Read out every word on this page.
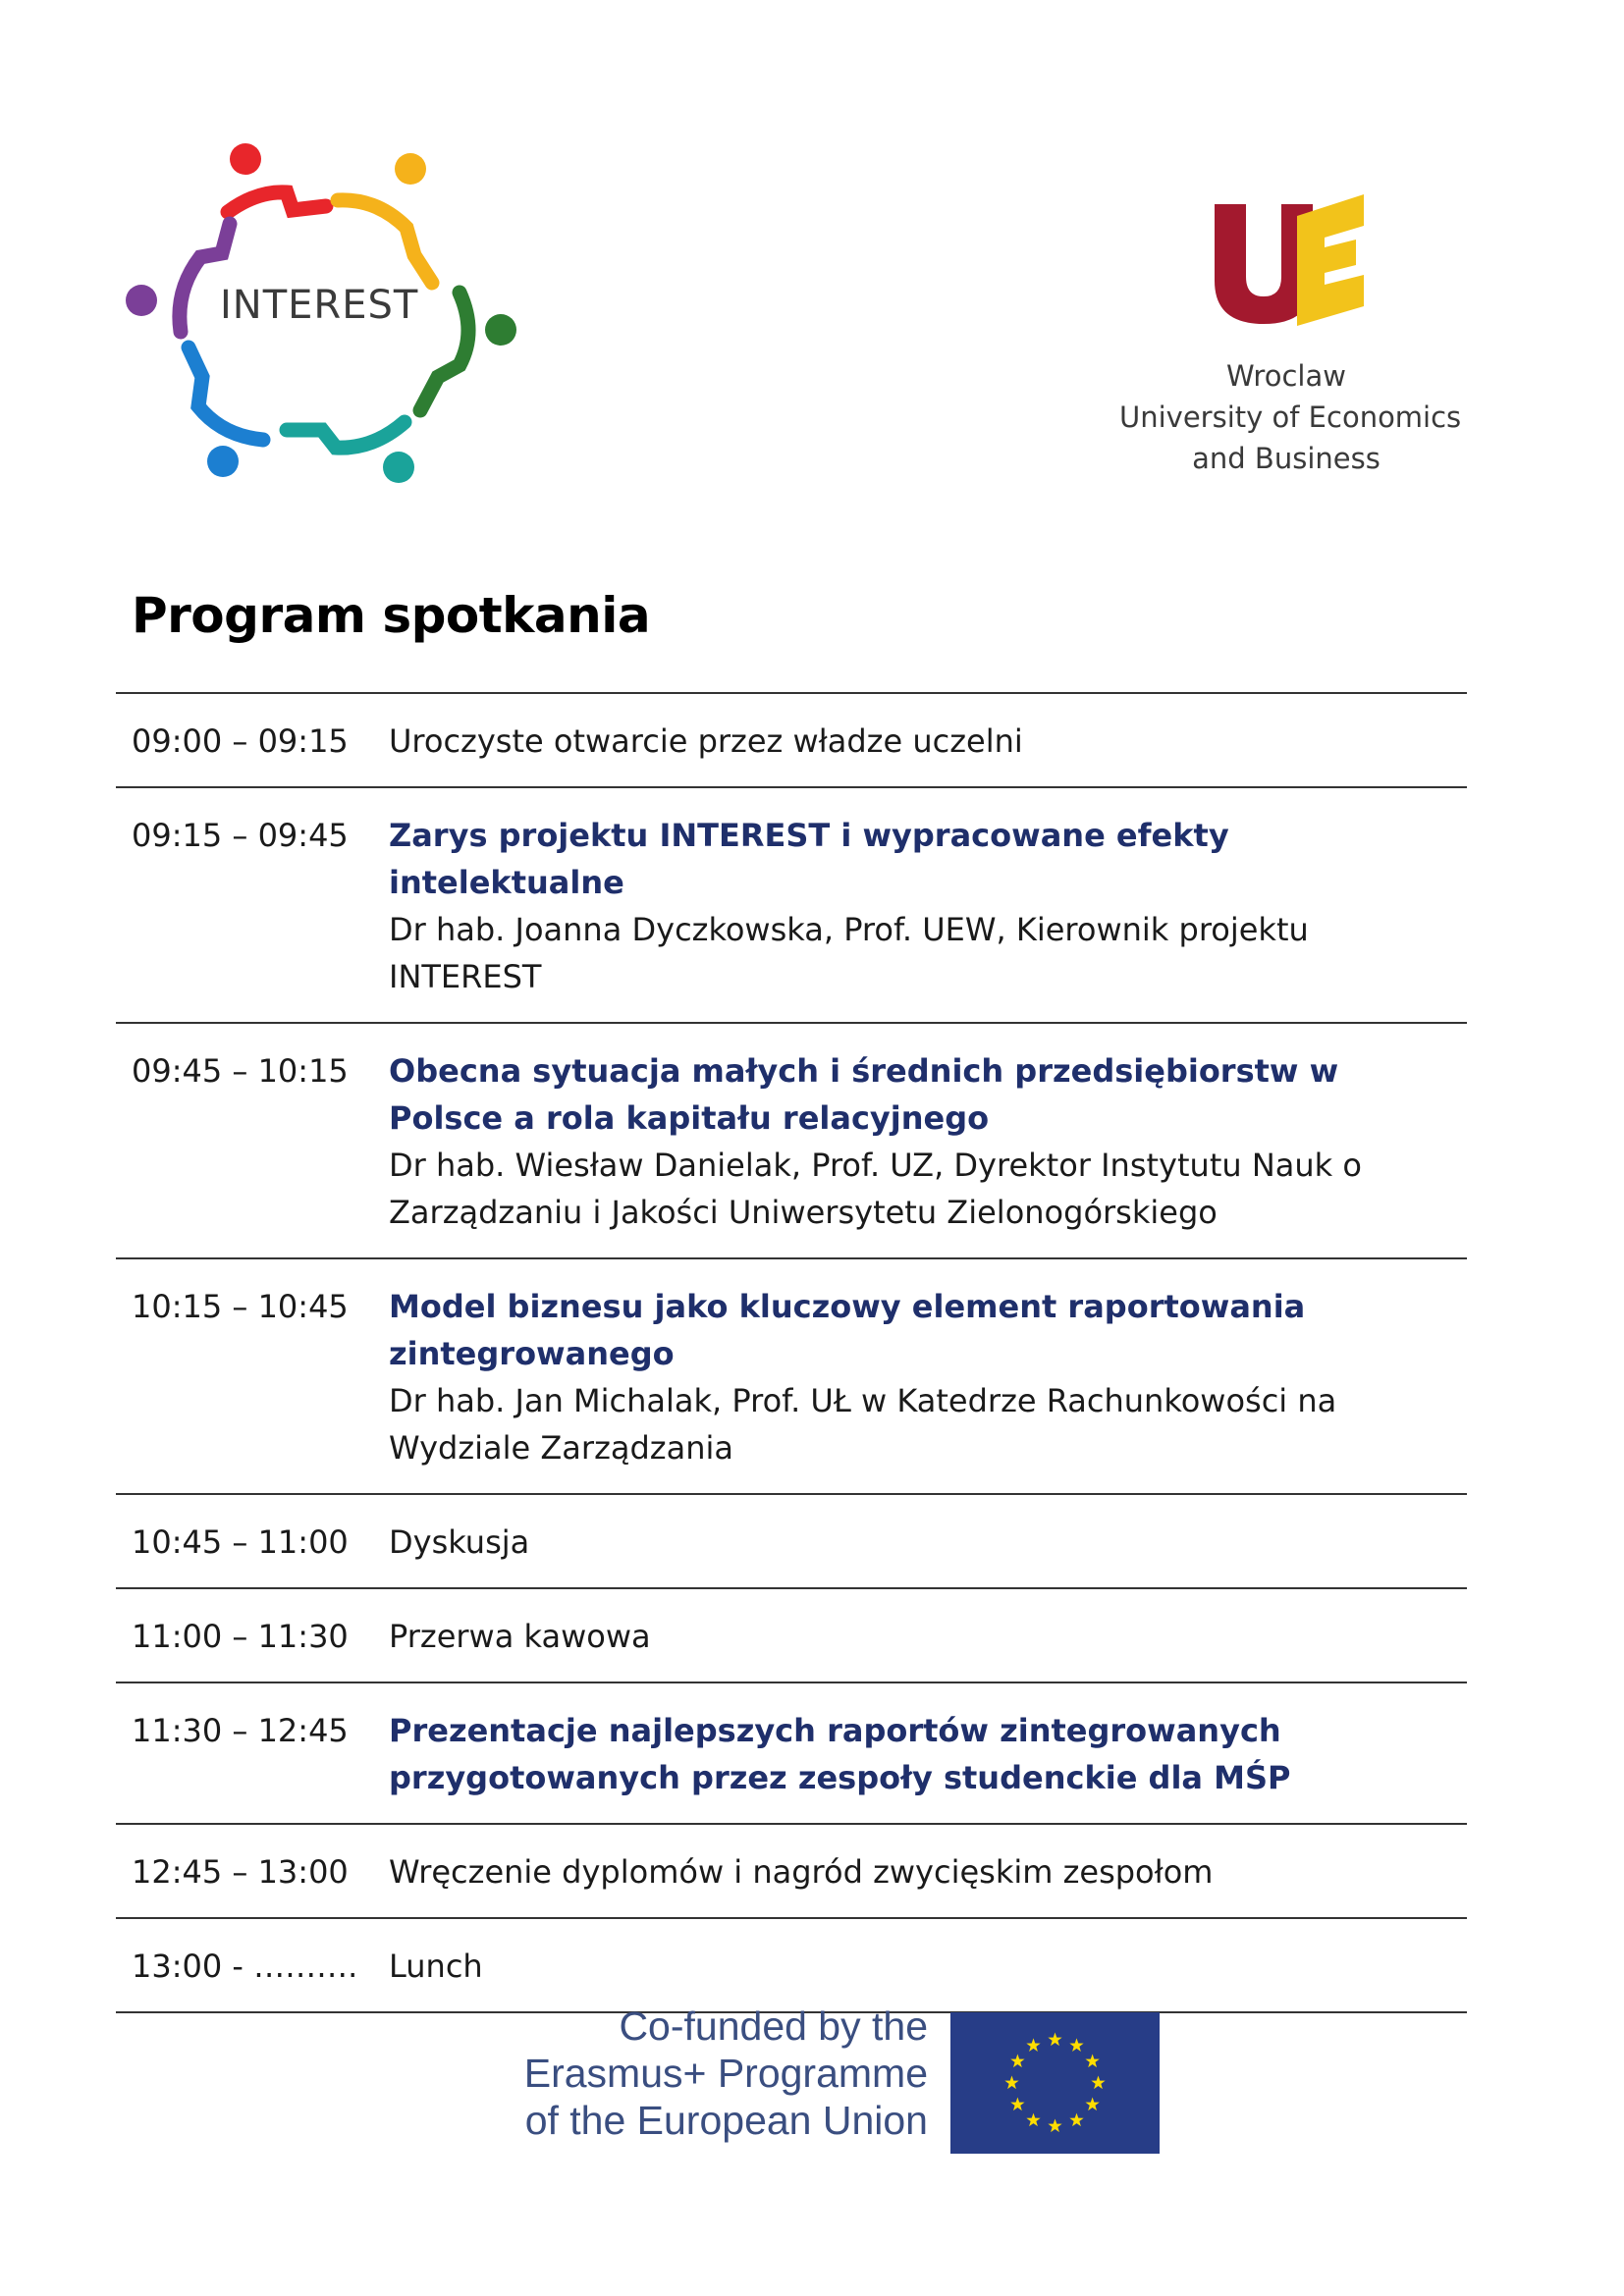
INTEREST
Wroclaw
University of Economics
and Business
Program spotkania
09:00 – 09:15	Uroczyste otwarcie przez władze uczelni
09:15 – 09:45	Zarys projektu INTEREST i wypracowane efekty intelektualne
Dr hab. Joanna Dyczkowska, Prof. UEW, Kierownik projektu INTEREST
09:45 – 10:15	Obecna sytuacja małych i średnich przedsiębiorstw w Polsce a rola kapitału relacyjnego
Dr hab. Wiesław Danielak, Prof. UZ, Dyrektor Instytutu Nauk o Zarządzaniu i Jakości Uniwersytetu Zielonogórskiego
10:15 – 10:45	Model biznesu jako kluczowy element raportowania zintegrowanego
Dr hab. Jan Michalak, Prof. UŁ w Katedrze Rachunkowości na Wydziale Zarządzania
10:45 – 11:00	Dyskusja
11:00 – 11:30	Przerwa kawowa
11:30 – 12:45	Prezentacje najlepszych raportów zintegrowanych przygotowanych przez zespoły studenckie dla MŚP
12:45 – 13:00	Wręczenie dyplomów i nagród zwycięskim zespołom
13:00 - ………. Lunch
Co-funded by the
Erasmus+ Programme
of the European Union
